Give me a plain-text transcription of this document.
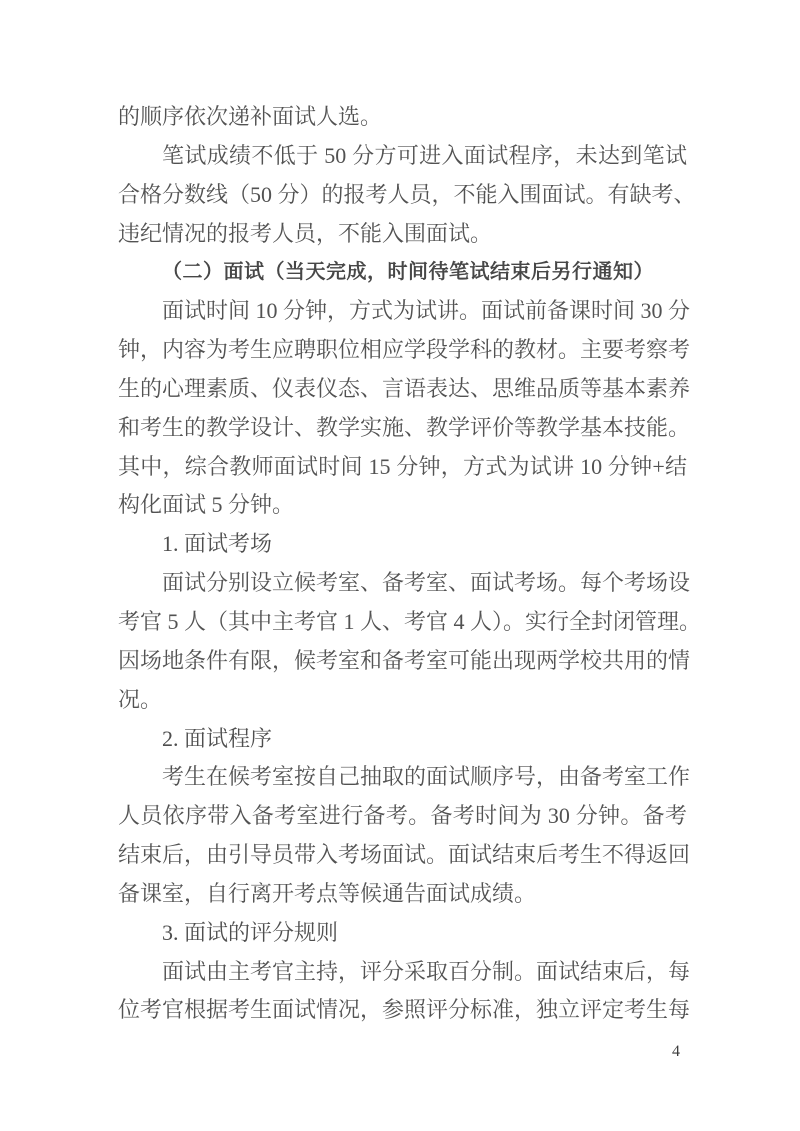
的顺序依次递补面试人选。
笔试成绩不低于 50 分方可进入面试程序，未达到笔试
合格分数线（50 分）的报考人员，不能入围面试。有缺考、
违纪情况的报考人员，不能入围面试。
（二）面试（当天完成，时间待笔试结束后另行通知）
面试时间 10 分钟，方式为试讲。面试前备课时间 30 分
钟，内容为考生应聘职位相应学段学科的教材。主要考察考
生的心理素质、仪表仪态、言语表达、思维品质等基本素养
和考生的教学设计、教学实施、教学评价等教学基本技能。
其中，综合教师面试时间 15 分钟，方式为试讲 10 分钟+结
构化面试 5 分钟。
1. 面试考场
面试分别设立候考室、备考室、面试考场。每个考场设
考官 5 人（其中主考官 1 人、考官 4 人）。实行全封闭管理。
因场地条件有限，候考室和备考室可能出现两学校共用的情
况。
2. 面试程序
考生在候考室按自己抽取的面试顺序号，由备考室工作
人员依序带入备考室进行备考。备考时间为 30 分钟。备考
结束后，由引导员带入考场面试。面试结束后考生不得返回
备课室，自行离开考点等候通告面试成绩。
3. 面试的评分规则
面试由主考官主持，评分采取百分制。面试结束后，每
位考官根据考生面试情况，参照评分标准，独立评定考生每
4
